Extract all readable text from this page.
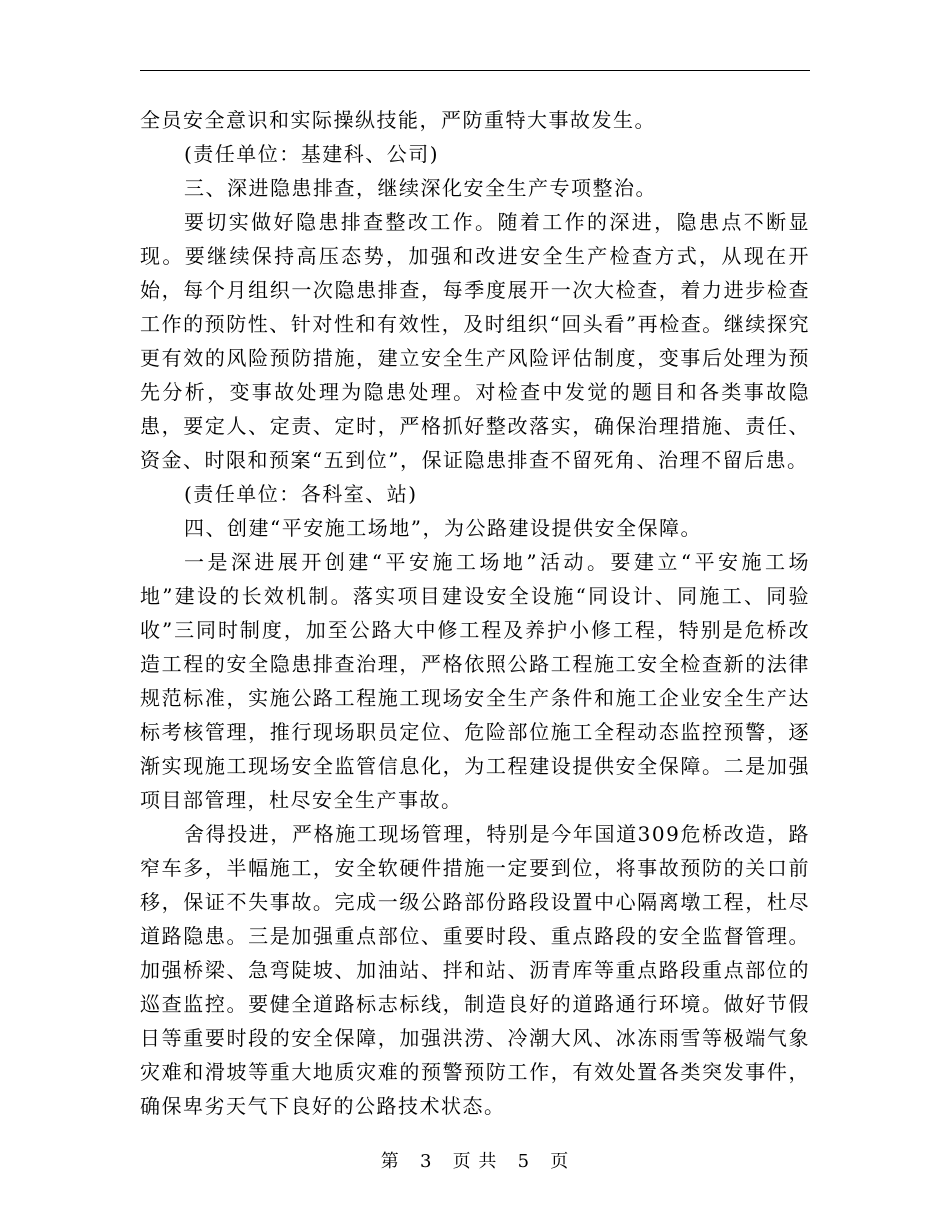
全员安全意识和实际操纵技能，严防重特大事故发生。

(责任单位：基建科、公司)

三、深进隐患排查，继续深化安全生产专项整治。

要切实做好隐患排查整改工作。随着工作的深进，隐患点不断显现。要继续保持高压态势，加强和改进安全生产检查方式，从现在开始，每个月组织一次隐患排查，每季度展开一次大检查，着力进步检查工作的预防性、针对性和有效性，及时组织“回头看”再检查。继续探究更有效的风险预防措施，建立安全生产风险评估制度，变事后处理为预先分析，变事故处理为隐患处理。对检查中发觉的题目和各类事故隐患，要定人、定责、定时，严格抓好整改落实，确保治理措施、责任、资金、时限和预案“五到位”，保证隐患排查不留死角、治理不留后患。

(责任单位：各科室、站)

四、创建“平安施工场地”，为公路建设提供安全保障。

一是深进展开创建“平安施工场地”活动。要建立“平安施工场地”建设的长效机制。落实项目建设安全设施“同设计、同施工、同验收”三同时制度，加至公路大中修工程及养护小修工程，特别是危桥改造工程的安全隐患排查治理，严格依照公路工程施工安全检查新的法律规范标准，实施公路工程施工现场安全生产条件和施工企业安全生产达标考核管理，推行现场职员定位、危险部位施工全程动态监控预警，逐渐实现施工现场安全监管信息化，为工程建设提供安全保障。二是加强项目部管理，杜尽安全生产事故。

舍得投进，严格施工现场管理，特别是今年国道309危桥改造，路窄车多，半幅施工，安全软硬件措施一定要到位，将事故预防的关口前移，保证不失事故。完成一级公路部份路段设置中心隔离墩工程，杜尽道路隐患。三是加强重点部位、重要时段、重点路段的安全监督管理。加强桥梁、急弯陡坡、加油站、拌和站、沥青库等重点路段重点部位的巡查监控。要健全道路标志标线，制造良好的道路通行环境。做好节假日等重要时段的安全保障，加强洪涝、冷潮大风、冰冻雨雪等极端气象灾难和滑坡等重大地质灾难的预警预防工作，有效处置各类突发事件，确保卑劣天气下良好的公路技术状态。

第 3 页 共 5 页
